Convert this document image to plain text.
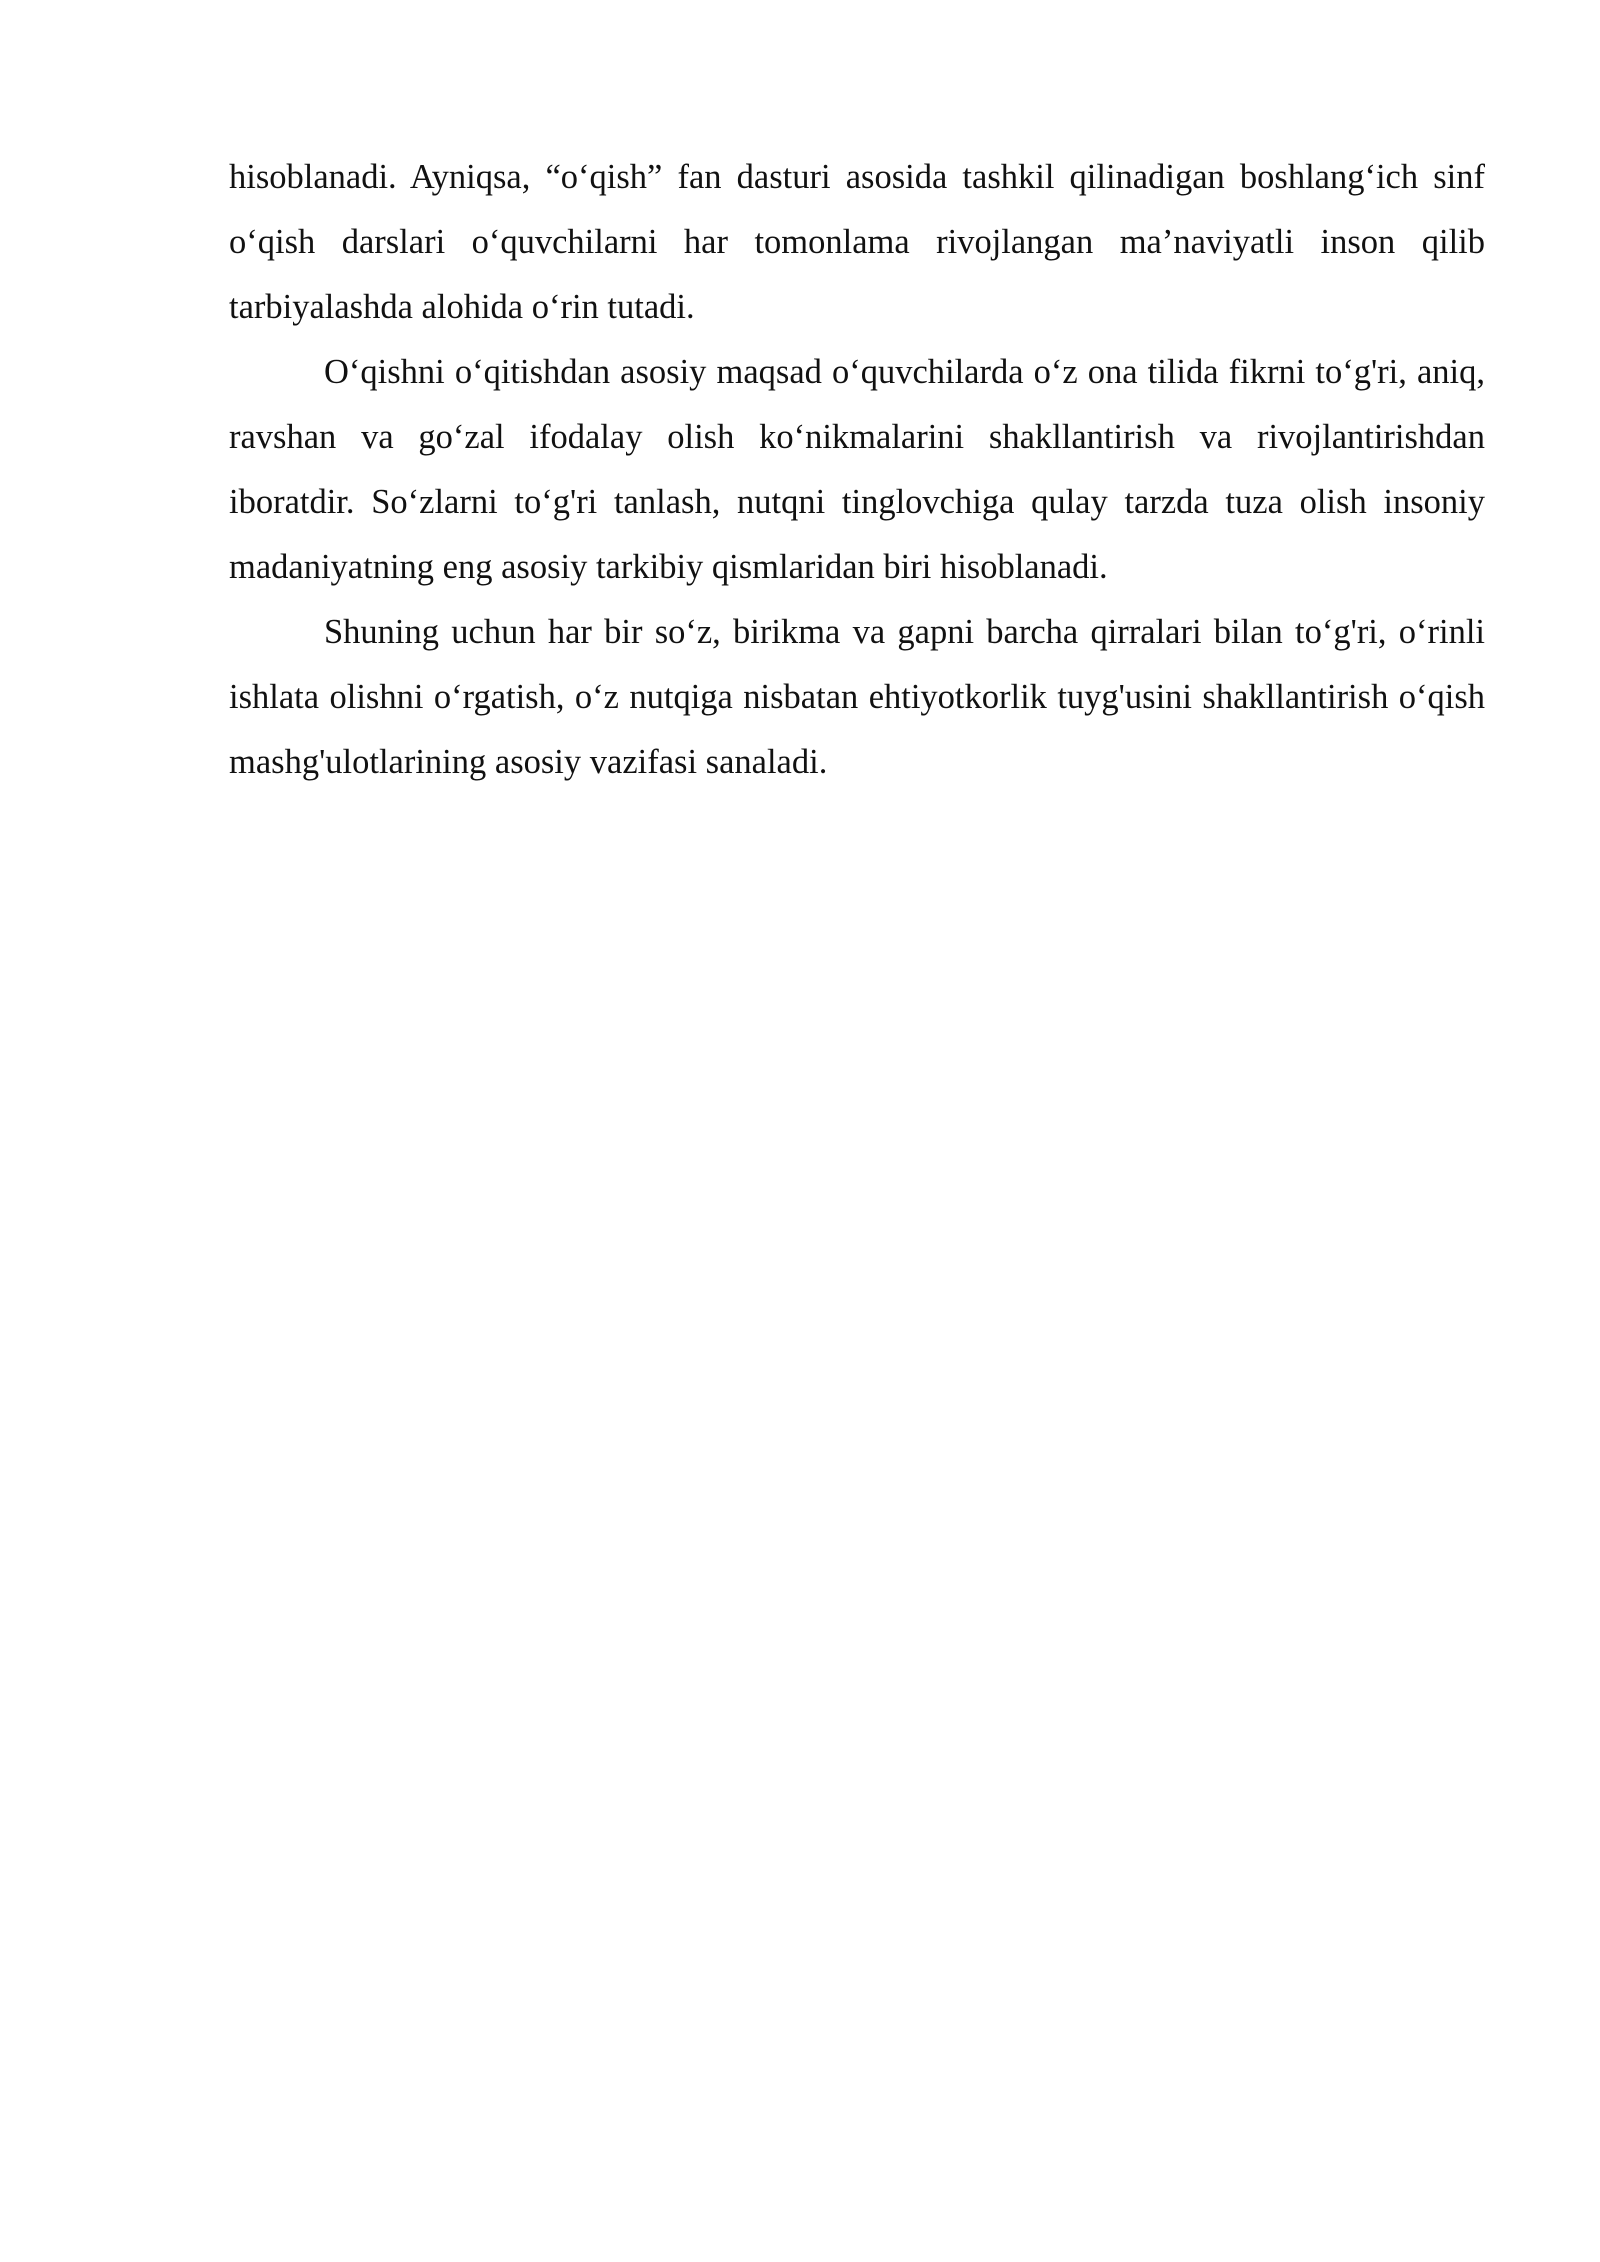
hisoblanadi. Ayniqsa, “o‘qish” fan dasturi asosida tashkil qilinadigan boshlang‘ich sinf o‘qish darslari o‘quvchilarni har tomonlama rivojlangan ma’naviyatli inson qilib tarbiyalashda alohida o‘rin tutadi.

O‘qishni o‘qitishdan asosiy maqsad o‘quvchilarda o‘z ona tilida fikrni to‘g'ri, aniq, ravshan va go‘zal ifodalay olish ko‘nikmalarini shakllantirish va rivojlantirishdan iboratdir. So‘zlarni to‘g'ri tanlash, nutqni tinglovchiga qulay tarzda tuza olish insoniy madaniyatning eng asosiy tarkibiy qismlaridan biri hisoblanadi.

Shuning uchun har bir so‘z, birikma va gapni barcha qirralari bilan to‘g'ri, o‘rinli ishlata olishni o‘rgatish, o‘z nutqiga nisbatan ehtiyotkorlik tuyg'usini shakllantirish o‘qish mashg'ulotlarining asosiy vazifasi sanaladi.
